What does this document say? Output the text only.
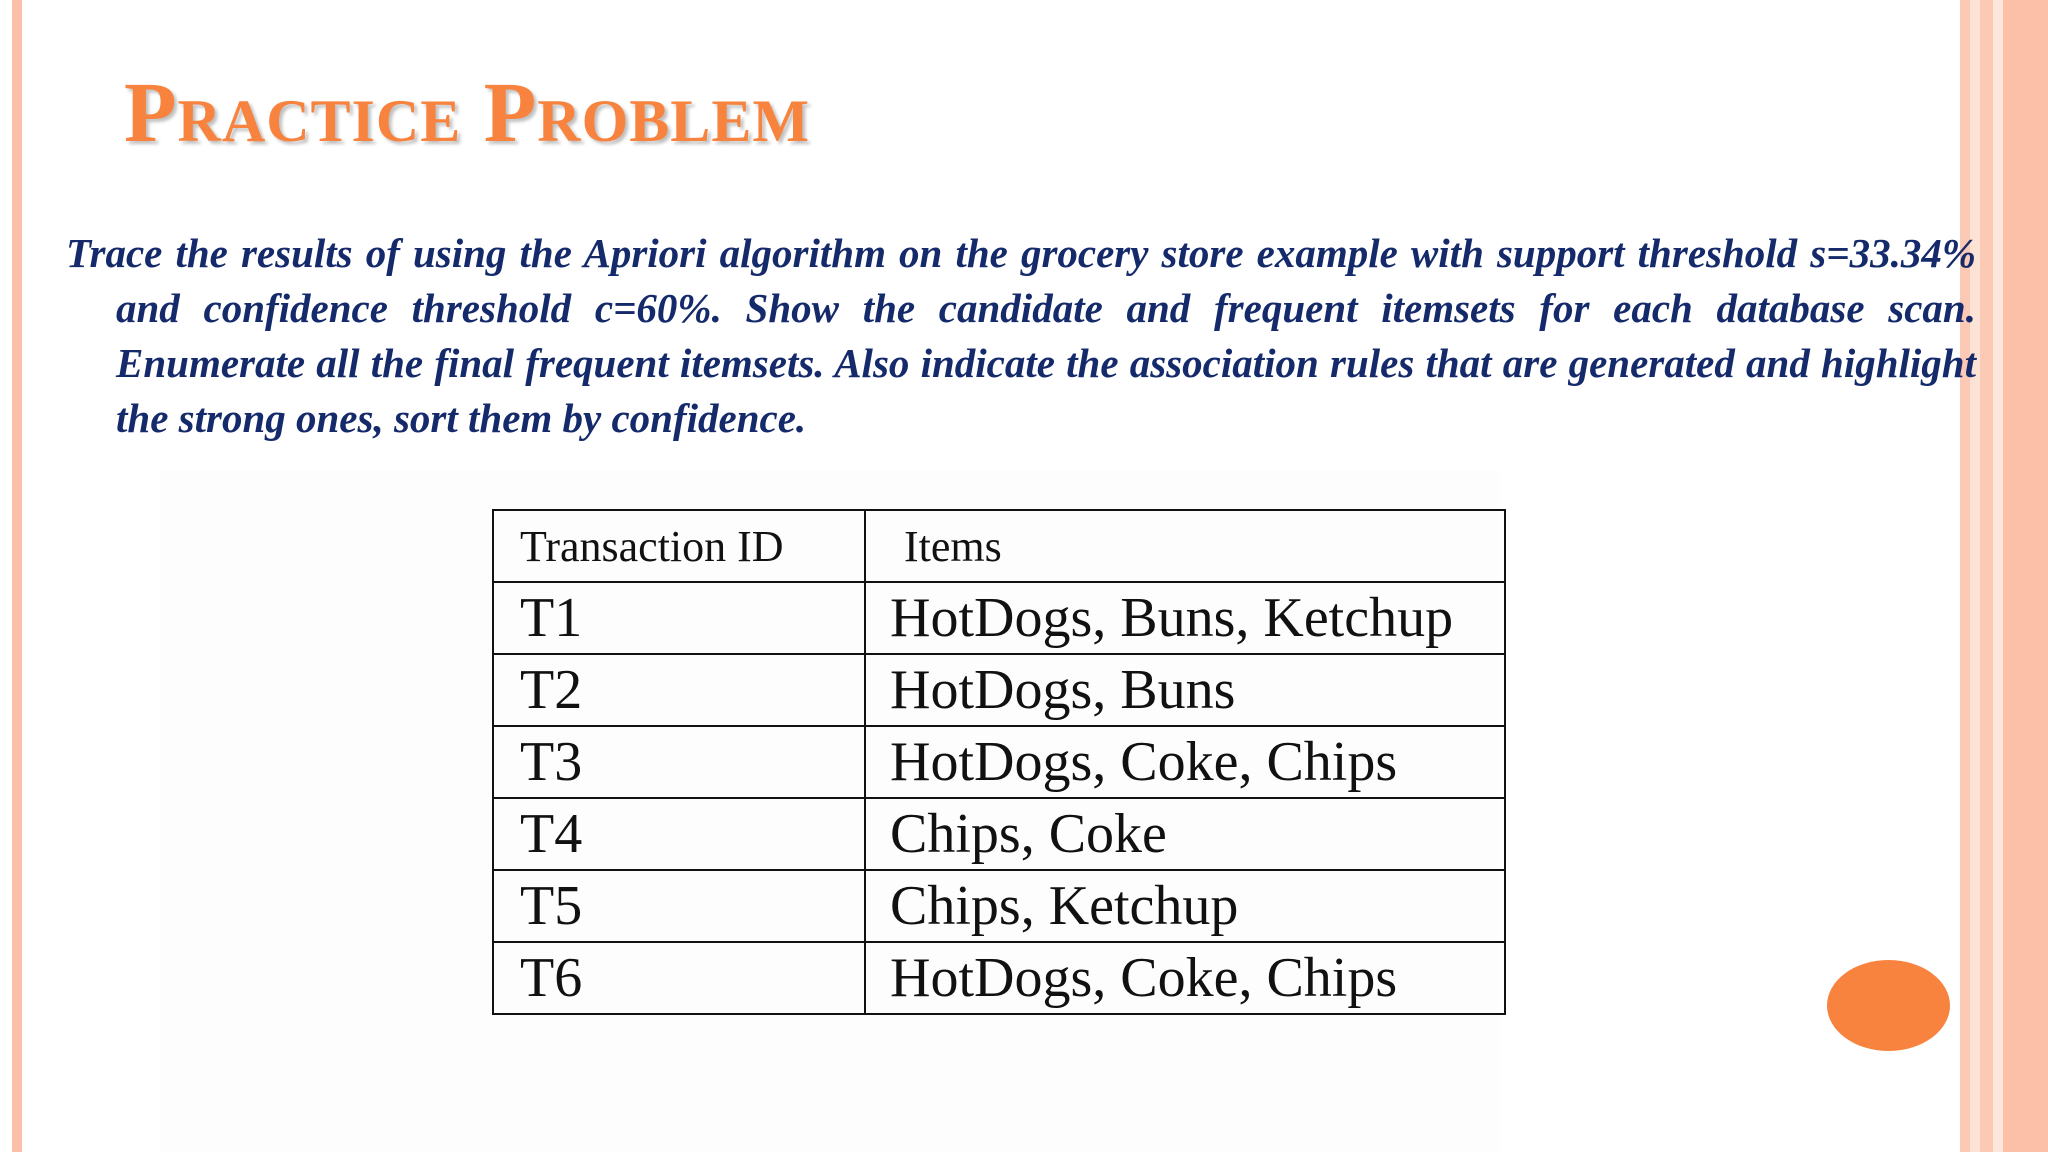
Practice Problem

Trace the results of using the Apriori algorithm on the grocery store example with support threshold s=33.34% and confidence threshold c=60%. Show the candidate and frequent itemsets for each database scan. Enumerate all the final frequent itemsets. Also indicate the association rules that are generated and highlight the strong ones, sort them by confidence.

Transaction ID	Items
T1	HotDogs, Buns, Ketchup
T2	HotDogs, Buns
T3	HotDogs, Coke, Chips
T4	Chips, Coke
T5	Chips, Ketchup
T6	HotDogs, Coke, Chips
